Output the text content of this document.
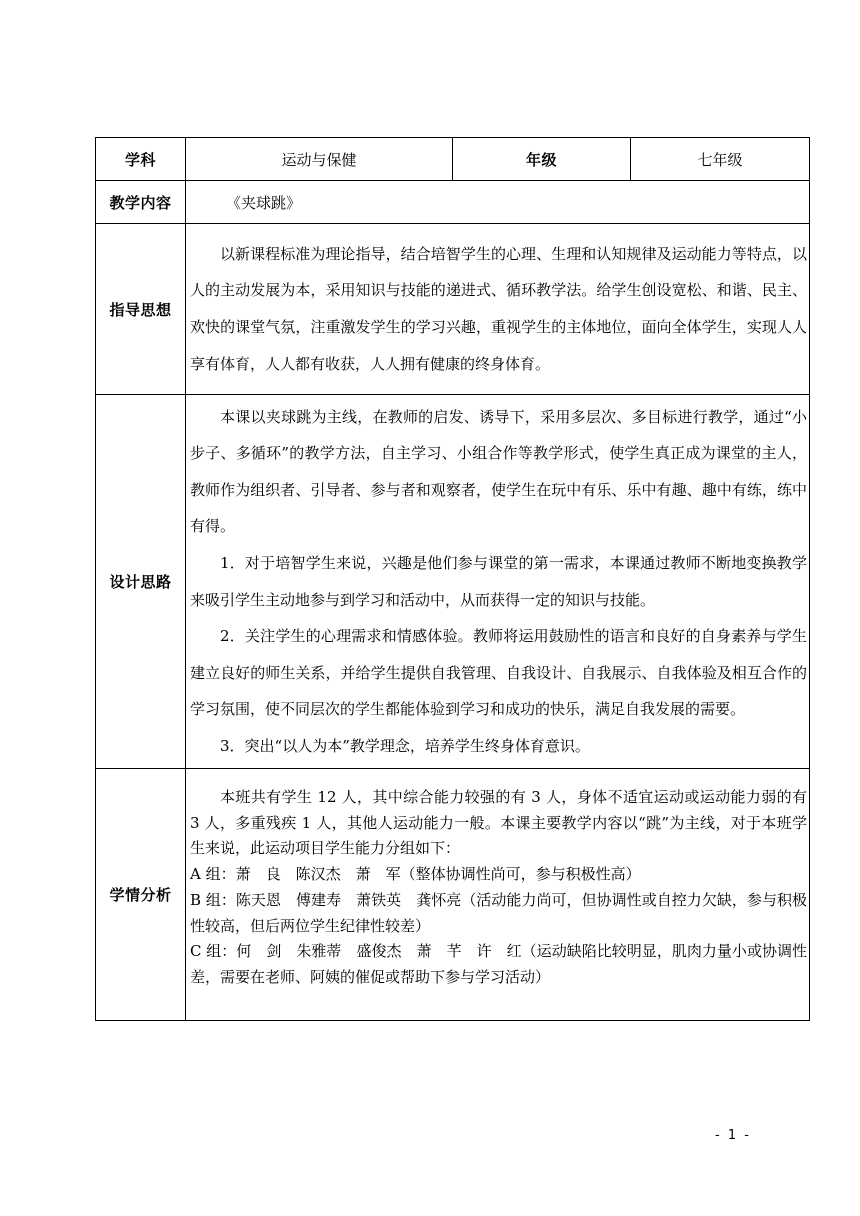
学科	运动与保健	年级	七年级
教学内容	《夹球跳》		
指导思想	以新课程标准为理论指导，结合培智学生的心理、生理和认知规律及运动能力等特点，以人的主动发展为本，采用知识与技能的递进式、循环教学法。给学生创设宽松、和谐、民主、欢快的课堂气氛，注重激发学生的学习兴趣，重视学生的主体地位，面向全体学生，实现人人享有体育，人人都有收获，人人拥有健康的终身体育。		

设计思路	本课以夹球跳为主线，在教师的启发、诱导下，采用多层次、多目标进行教学，通过“小步子、多循环”的教学方法，自主学习、小组合作等教学形式，使学生真正成为课堂的主人，教师作为组织者、引导者、参与者和观察者，使学生在玩中有乐、乐中有趣、趣中有练，练中有得。

1．对于培智学生来说，兴趣是他们参与课堂的第一需求，本课通过教师不断地变换教学来吸引学生主动地参与到学习和活动中，从而获得一定的知识与技能。

2．关注学生的心理需求和情感体验。教师将运用鼓励性的语言和良好的自身素养与学生建立良好的师生关系，并给学生提供自我管理、自我设计、自我展示、自我体验及相互合作的学习氛围，使不同层次的学生都能体验到学习和成功的快乐，满足自我发展的需要。

3．突出“以人为本”教学理念，培养学生终身体育意识。		

学情分析	本班共有学生 12 人，其中综合能力较强的有 3 人，身体不适宜运动或运动能力弱的有 3 人，多重残疾 1 人，其他人运动能力一般。本课主要教学内容以“跳”为主线，对于本班学生来说，此运动项目学生能力分组如下：

A 组：萧　良　陈汉杰　萧　军（整体协调性尚可，参与积极性高）

B 组：陈天恩　傅建寿　萧铁英　龚怀亮（活动能力尚可，但协调性或自控力欠缺，参与积极性较高，但后两位学生纪律性较差）

C 组：何　剑　朱雅蒂　盛俊杰　萧　芊　许　红（运动缺陷比较明显，肌肉力量小或协调性差，需要在老师、阿姨的催促或帮助下参与学习活动）		

- 1 -
